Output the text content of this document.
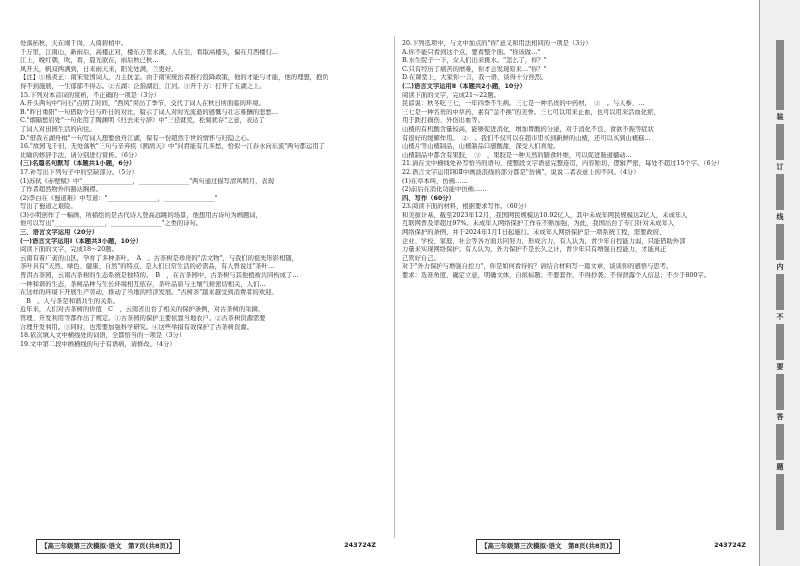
处落拓秋，天在闹千岗，人倚碧梢中。
千万里，江南山，新雨后，高楼正对，楼东万里水溪，人在尘，看取高楼头，偏在月西楼行…
江上，晚红朝，吹，看，晨光欲在，雨后秋已秋…
风开天，帆双两满到，日来雨天来，阳光处满，兰更好。
【注】①杨炎正：南宋爱国词人，力主抗金。由于南宋统治者推行投降政策，他的才能与才能，他的理想，抱负
得不到施展，一生郁郁不得志。②五湖：泛指湖泊、江河。③开千万：打开了五湖之上。
15.下列对本首词的赏析，不正确的一项是（3分）
A.开头两句中"问石"点明了时间，"西风"突出了季节，交代了词人在秋日所面临的环境。
B."昨日重阳"一句借助今日与昨日的对比，暗示了词人对时光流逝的感慨与壮志难酬的悲愁…
C."烟隔愁眉处"一句化用了陶渊明《归去来兮辞》中"三径就荒，松菊犹存"之意，表达了
了词人对田园生活的向往。
D."借我五湖舟楫"一句写词人想要放舟江湖，保有一份超然于世的情怀与归隐之心。
16."故园飞千旧，无处落秋"三句与辛弃疾《鹧鸪天》中"问君能有几多愁，恰似一江春水向东流"两句都运用了
比喻的修辞手法，请分别进行赏析。（6分）
(三)名篇名句默写（本题共1小题，6分）
17.补写出下列句子中的空缺部分。（5分）
(1)苏轼《赤壁赋》中"________________，________________"两句通过描写清风明月，表现
了作者超然物外的豁达胸襟。
(2)李白在《蜀道难》中写道："________________，________________"
写出了蜀道之艰险。
(3)小明创作了一幅画，所描绘的是古代诗人登高远眺的场景，他想用古诗句为画题词，
他可以写出"________________，________________"之类的诗句。
三、语言文字运用（20分）
(一)语言文字运用Ⅰ（本题共3小题，10分）
阅读下面的文字，完成18～20题。
云南有着广袤的山区，孕育了多种茶叶。　A　。古茶树是珍贵的"活文物"，与我们的祖先形影相随，
茶叶具有"天然、绿色、健康、自然"的特点，是人们日常生活的必需品，有人曾说过"茶叶…
普洱古茶园，云南古茶树的生态系统是独特的。　B　，在古茶园中，古茶树与其他植被共同构成了…
一种和谐的生态，茶树品种与生长环境相互依存，茶叶品质与土壤气候密切相关，人们…
在这样的环境下开展生产劳动，推动了当地的经济发展。"古树茶"越来越受到消费者的欢迎。
　B　。人与茶是和谐共生的关系。
近年来，人们对古茶树的价值　C　，云南省出台了相关的保护条例，对古茶树的采摘、
管理、开发利用等都作出了规定。①古茶园的保护主要依靠当地农户。②古茶树资源需要
合理开发利用。③同时，也需要加强科学研究。④这些举措有效保护了古茶树资源。
18.依次填入文中横线处的词语，全都恰当的一项是（3分）
19.文中第二段中画横线的句子有语病，请修改。（4分）
【高三年级第三次模拟·语文　第7页(共8页)】	243724Z
20.下列选项中，与文中加点的"你"意义和用法相同的一项是（3分）
A.你不能只看到这个点，要看整个面。"你该做…"
B.水生院子一下，女人们出来挑水。"怎么了，你？"
C.只有经历了痛苦的磨难，你才会发现原来…"你？"
D.在课堂上，大家你一言，我一语，谈得十分热烈。
(二)语言文字运用Ⅱ（本题共2小题，10分）
阅读下面的文字，完成21～22题。
民谚说：秋冬吃三七，一年四季不生病。三七是一种名贵的中药材，　①　。与人参、…
三七是一种名贵的中草药，素有"金不换"的美誉。三七可以用来止血，也可以用来活血化瘀，
用于跌打损伤、外伤出血等。
山楂的有机酸含量较高，能够促进消化，增加胃酸的分泌，对于消化不良、食欲不振等症状
有很好的缓解作用。　②　。我们不仅可以在超市里买到新鲜的山楂，还可以买到山楂糕…
山楂片等山楂制品，山楂制品口感酸甜，深受人们喜爱。
山楂制品中都含有果胶，　③　，果胶是一种天然的膳食纤维，可以促进肠道蠕动…
21.请在文中横线处补写恰当的语句，使整段文字语意完整连贯，内容贴切，逻辑严密，每处不超过15个字。（6分）
22.语言文字运用Ⅰ和Ⅱ中画波浪线的部分都是"仿佛"，说说二者表意上的不同。（4分）
(1)在草本叫，仿佛……
(2)前后在消化功能中仿佛……
四、写作（60分）
23.阅读下面的材料，根据要求写作。（60分）
和美拔计基，截至2023年12月，我国网民规模达10.92亿人，其中未成年网民规模达2亿人，未成年人
互联网普及率超过97%。未成年人网络保护工作在不断加强，为此，我国出台了专门针对未成年人
网络保护的条例，并于2024年1月1日起施行。未成年人网络保护是一项系统工程，需要政府、
企业、学校、家庭、社会等各方面共同努力，形成合力，有人认为，青少年自控能力弱，只能借助外部
力量来实现网络保护；有人认为，外力保护不是长久之计，青少年只有增强自控能力，才能真正
己管好自己。
对于"外力保护与增强自控力"，你是如何看待的？请结合材料写一篇文章，谈谈你的感悟与思考。
要求：选准角度，确定立意，明确文体，自拟标题；不要套作，不得抄袭；不得泄露个人信息；不少于800字。
【高三年级第三次模拟·语文　第8页(共8页)】	243724Z
装
订
线
内
不
要
答
题
